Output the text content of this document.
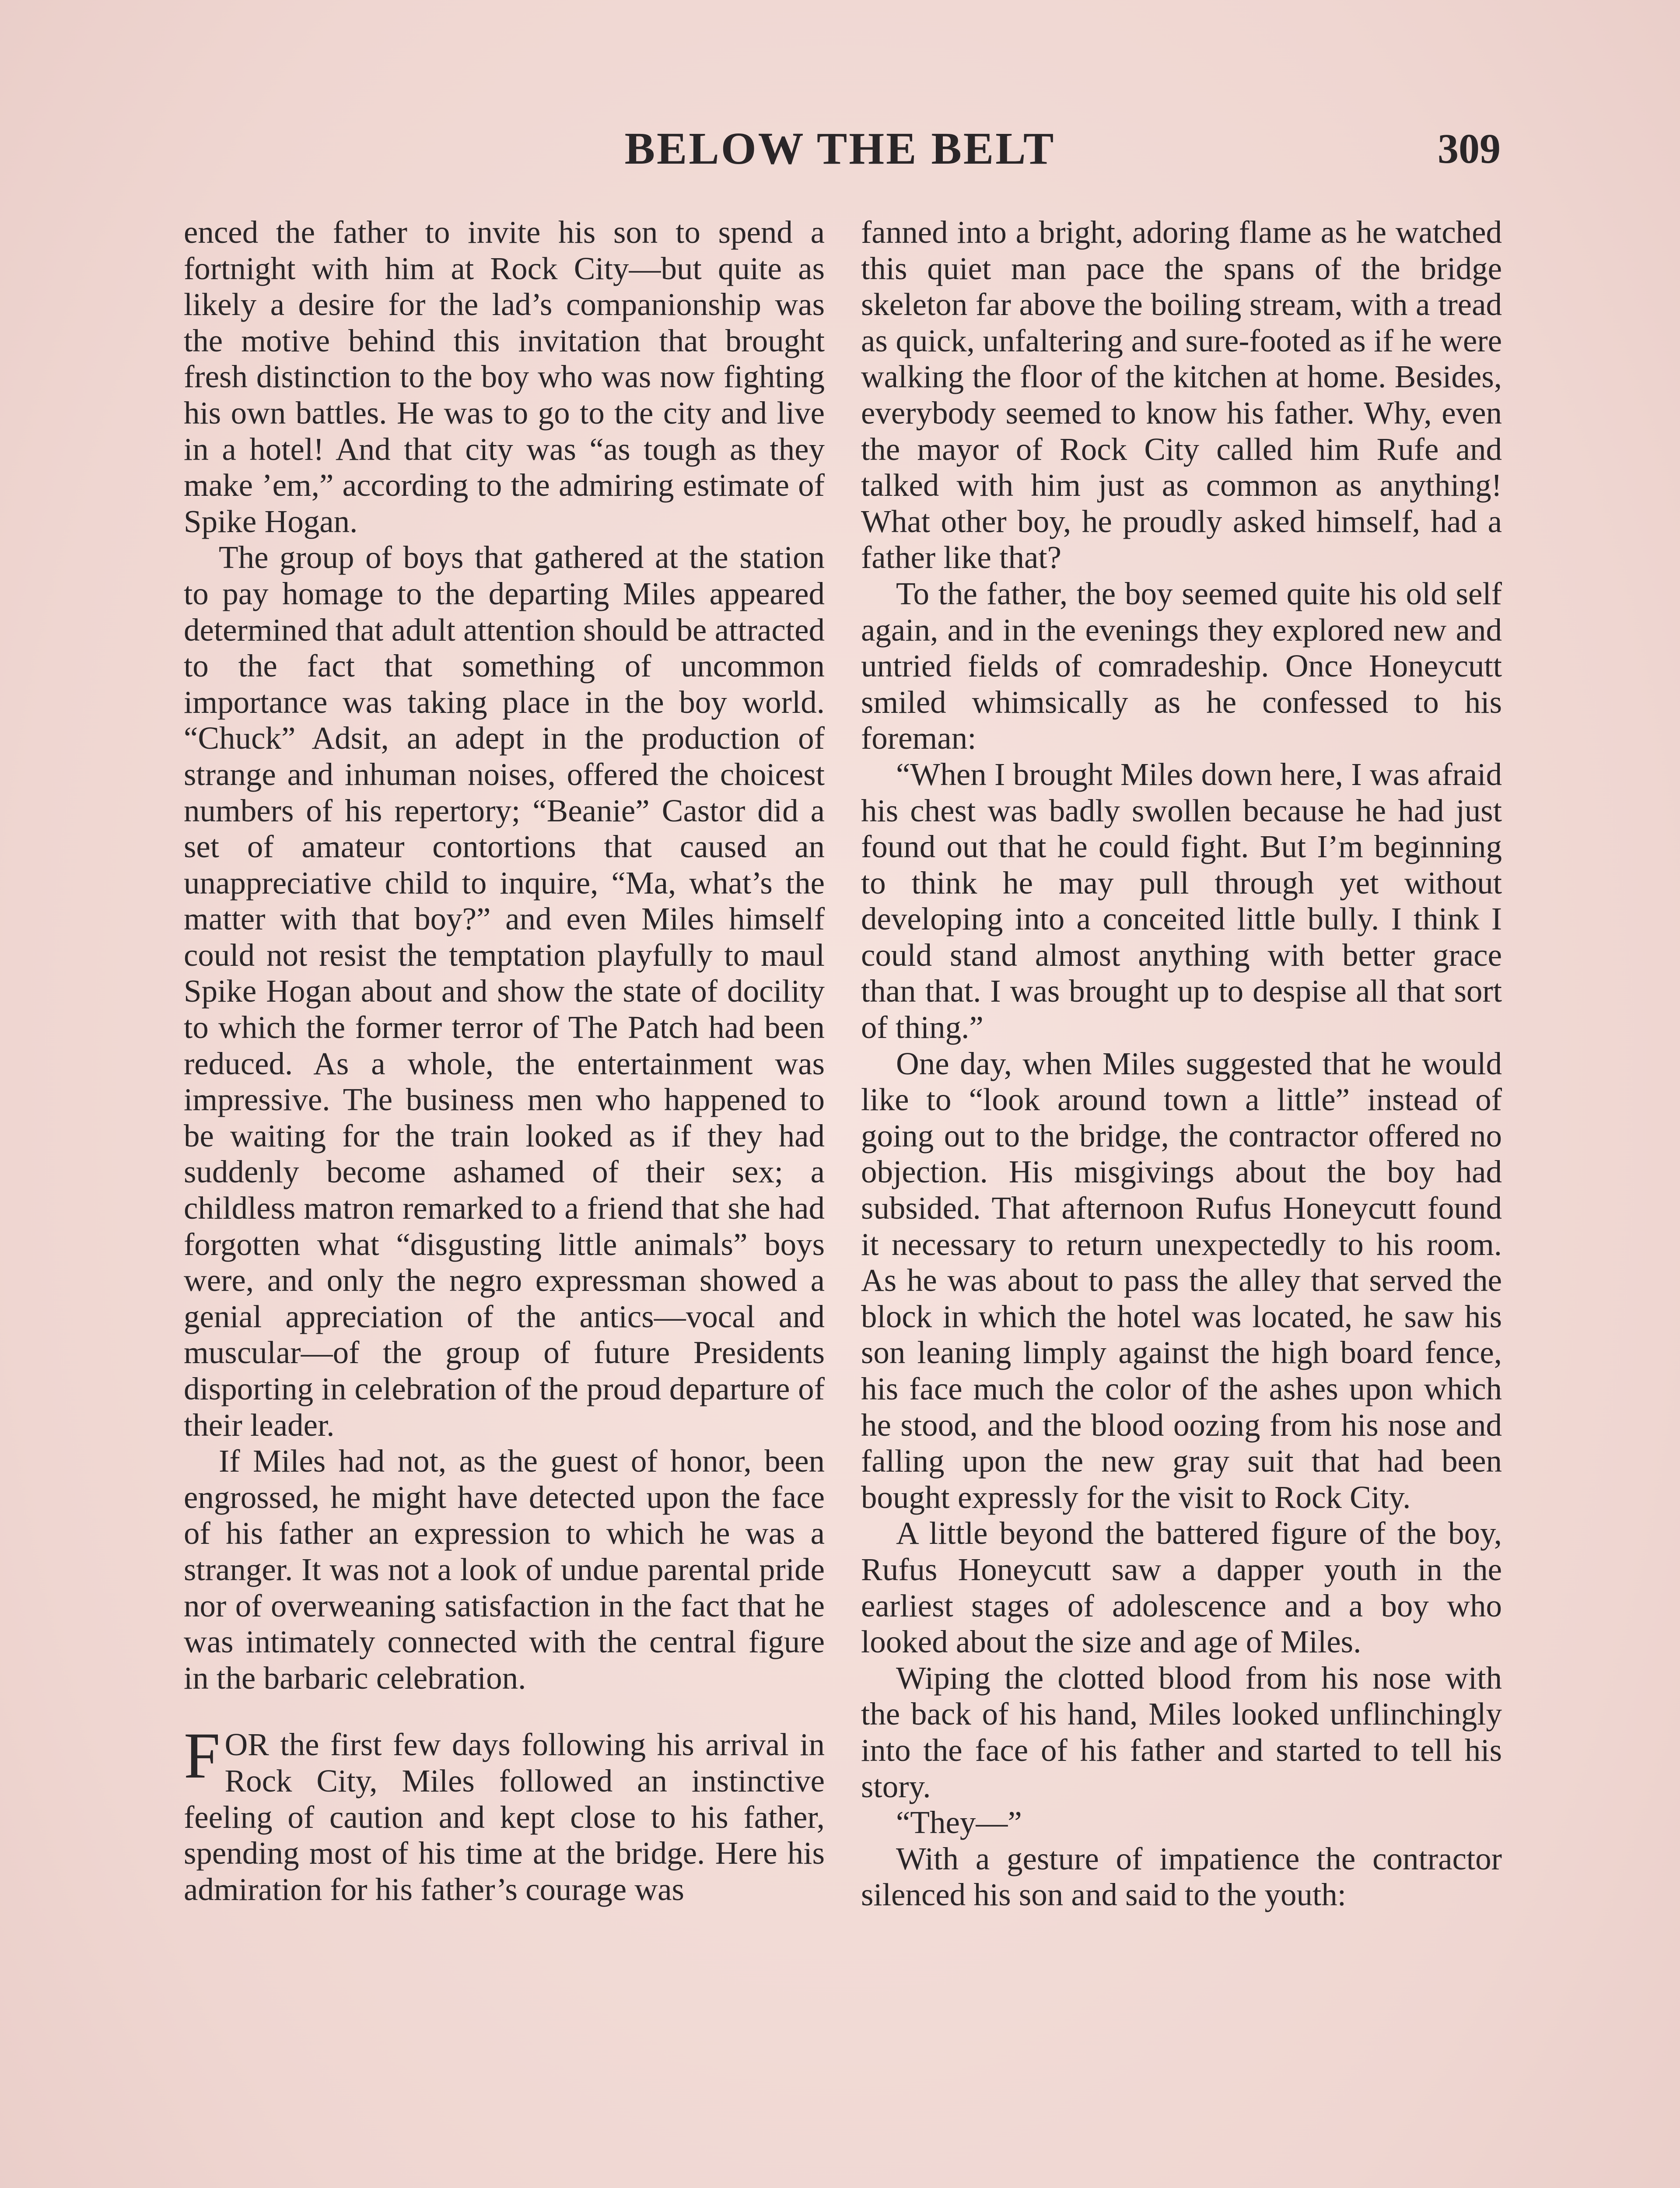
BELOW THE BELT	309

enced the father to invite his son to spend a fortnight with him at Rock City—but quite as likely a desire for the lad’s companionship was the motive behind this invitation that brought fresh distinction to the boy who was now fighting his own battles. He was to go to the city and live in a hotel! And that city was “as tough as they make ’em,” according to the admiring estimate of Spike Hogan.

The group of boys that gathered at the station to pay homage to the departing Miles appeared determined that adult attention should be attracted to the fact that something of uncommon importance was taking place in the boy world. “Chuck” Adsit, an adept in the production of strange and inhuman noises, offered the choicest numbers of his repertory; “Beanie” Castor did a set of amateur contortions that caused an unappreciative child to inquire, “Ma, what’s the matter with that boy?” and even Miles himself could not resist the temptation playfully to maul Spike Hogan about and show the state of docility to which the former terror of The Patch had been reduced. As a whole, the entertainment was impressive. The business men who happened to be waiting for the train looked as if they had suddenly become ashamed of their sex; a childless matron remarked to a friend that she had forgotten what “disgusting little animals” boys were, and only the negro expressman showed a genial appreciation of the antics—vocal and muscular—of the group of future Presidents disporting in celebration of the proud departure of their leader.

If Miles had not, as the guest of honor, been engrossed, he might have detected upon the face of his father an expression to which he was a stranger. It was not a look of undue parental pride nor of overweaning satisfaction in the fact that he was intimately connected with the central figure in the barbaric celebration.

FOR the first few days following his arrival in Rock City, Miles followed an instinctive feeling of caution and kept close to his father, spending most of his time at the bridge. Here his admiration for his father’s courage was

fanned into a bright, adoring flame as he watched this quiet man pace the spans of the bridge skeleton far above the boiling stream, with a tread as quick, unfaltering and sure-footed as if he were walking the floor of the kitchen at home. Besides, everybody seemed to know his father. Why, even the mayor of Rock City called him Rufe and talked with him just as common as anything! What other boy, he proudly asked himself, had a father like that?

To the father, the boy seemed quite his old self again, and in the evenings they explored new and untried fields of comradeship. Once Honeycutt smiled whimsically as he confessed to his foreman:

“When I brought Miles down here, I was afraid his chest was badly swollen because he had just found out that he could fight. But I’m beginning to think he may pull through yet without developing into a conceited little bully. I think I could stand almost anything with better grace than that. I was brought up to despise all that sort of thing.”

One day, when Miles suggested that he would like to “look around town a little” instead of going out to the bridge, the contractor offered no objection. His misgivings about the boy had subsided. That afternoon Rufus Honeycutt found it necessary to return unexpectedly to his room. As he was about to pass the alley that served the block in which the hotel was located, he saw his son leaning limply against the high board fence, his face much the color of the ashes upon which he stood, and the blood oozing from his nose and falling upon the new gray suit that had been bought expressly for the visit to Rock City.

A little beyond the battered figure of the boy, Rufus Honeycutt saw a dapper youth in the earliest stages of adolescence and a boy who looked about the size and age of Miles.

Wiping the clotted blood from his nose with the back of his hand, Miles looked unflinchingly into the face of his father and started to tell his story.

“They—”

With a gesture of impatience the contractor silenced his son and said to the youth:
